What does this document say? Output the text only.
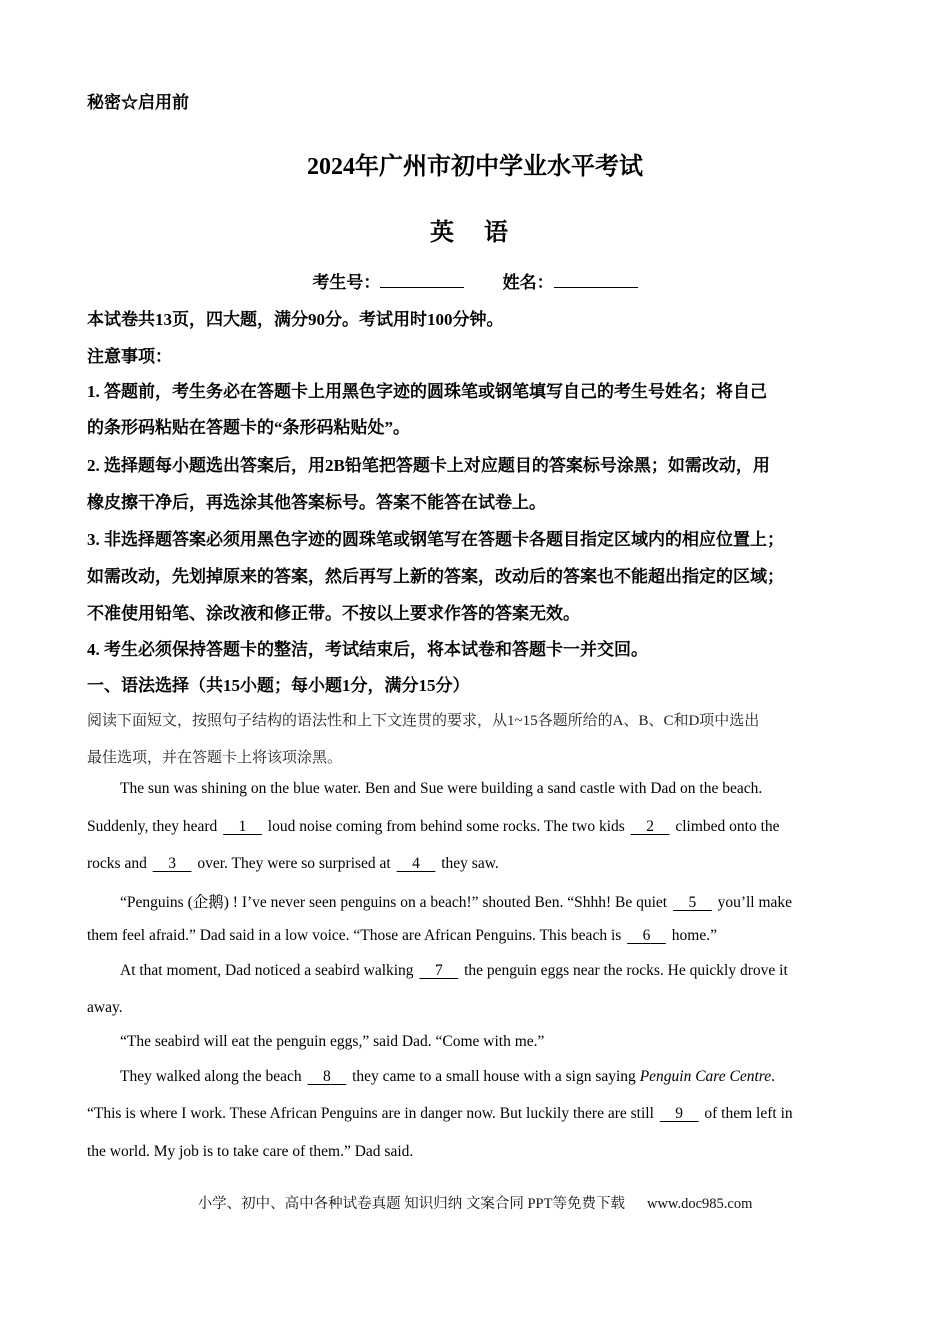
秘密☆启用前
2024年广州市初中学业水平考试
英 语
考生号：	姓名：
本试卷共13页，四大题，满分90分。考试用时100分钟。
注意事项：
1. 答题前，考生务必在答题卡上用黑色字迹的圆珠笔或钢笔填写自己的考生号姓名；将自己
的条形码粘贴在答题卡的“条形码粘贴处”。
2. 选择题每小题选出答案后，用2B铅笔把答题卡上对应题目的答案标号涂黑；如需改动，用
橡皮擦干净后，再选涂其他答案标号。答案不能答在试卷上。
3. 非选择题答案必须用黑色字迹的圆珠笔或钢笔写在答题卡各题目指定区域内的相应位置上；
如需改动，先划掉原来的答案，然后再写上新的答案，改动后的答案也不能超出指定的区域；
不准使用铅笔、涂改液和修正带。不按以上要求作答的答案无效。
4. 考生必须保持答题卡的整洁，考试结束后，将本试卷和答题卡一并交回。
一、语法选择（共15小题；每小题1分，满分15分）
阅读下面短文，按照句子结构的语法性和上下文连贯的要求，从1~15各题所给的A、B、C和D项中选出
最佳选项，并在答题卡上将该项涂黑。
The sun was shining on the blue water. Ben and Sue were building a sand castle with Dad on the beach.
Suddenly, they heard 1 loud noise coming from behind some rocks. The two kids 2 climbed onto the
rocks and 3 over. They were so surprised at 4 they saw.
“Penguins (企鹅) ! I’ve never seen penguins on a beach!” shouted Ben. “Shhh! Be quiet 5 you’ll make
them feel afraid.” Dad said in a low voice. “Those are African Penguins. This beach is 6 home.”
At that moment, Dad noticed a seabird walking 7 the penguin eggs near the rocks. He quickly drove it
away.
“The seabird will eat the penguin eggs,” said Dad. “Come with me.”
They walked along the beach 8 they came to a small house with a sign saying Penguin Care Centre.
“This is where I work. These African Penguins are in danger now. But luckily there are still 9 of them left in
the world. My job is to take care of them.” Dad said.
小学、初中、高中各种试卷真题 知识归纳 文案合同 PPT等免费下载 www.doc985.com
